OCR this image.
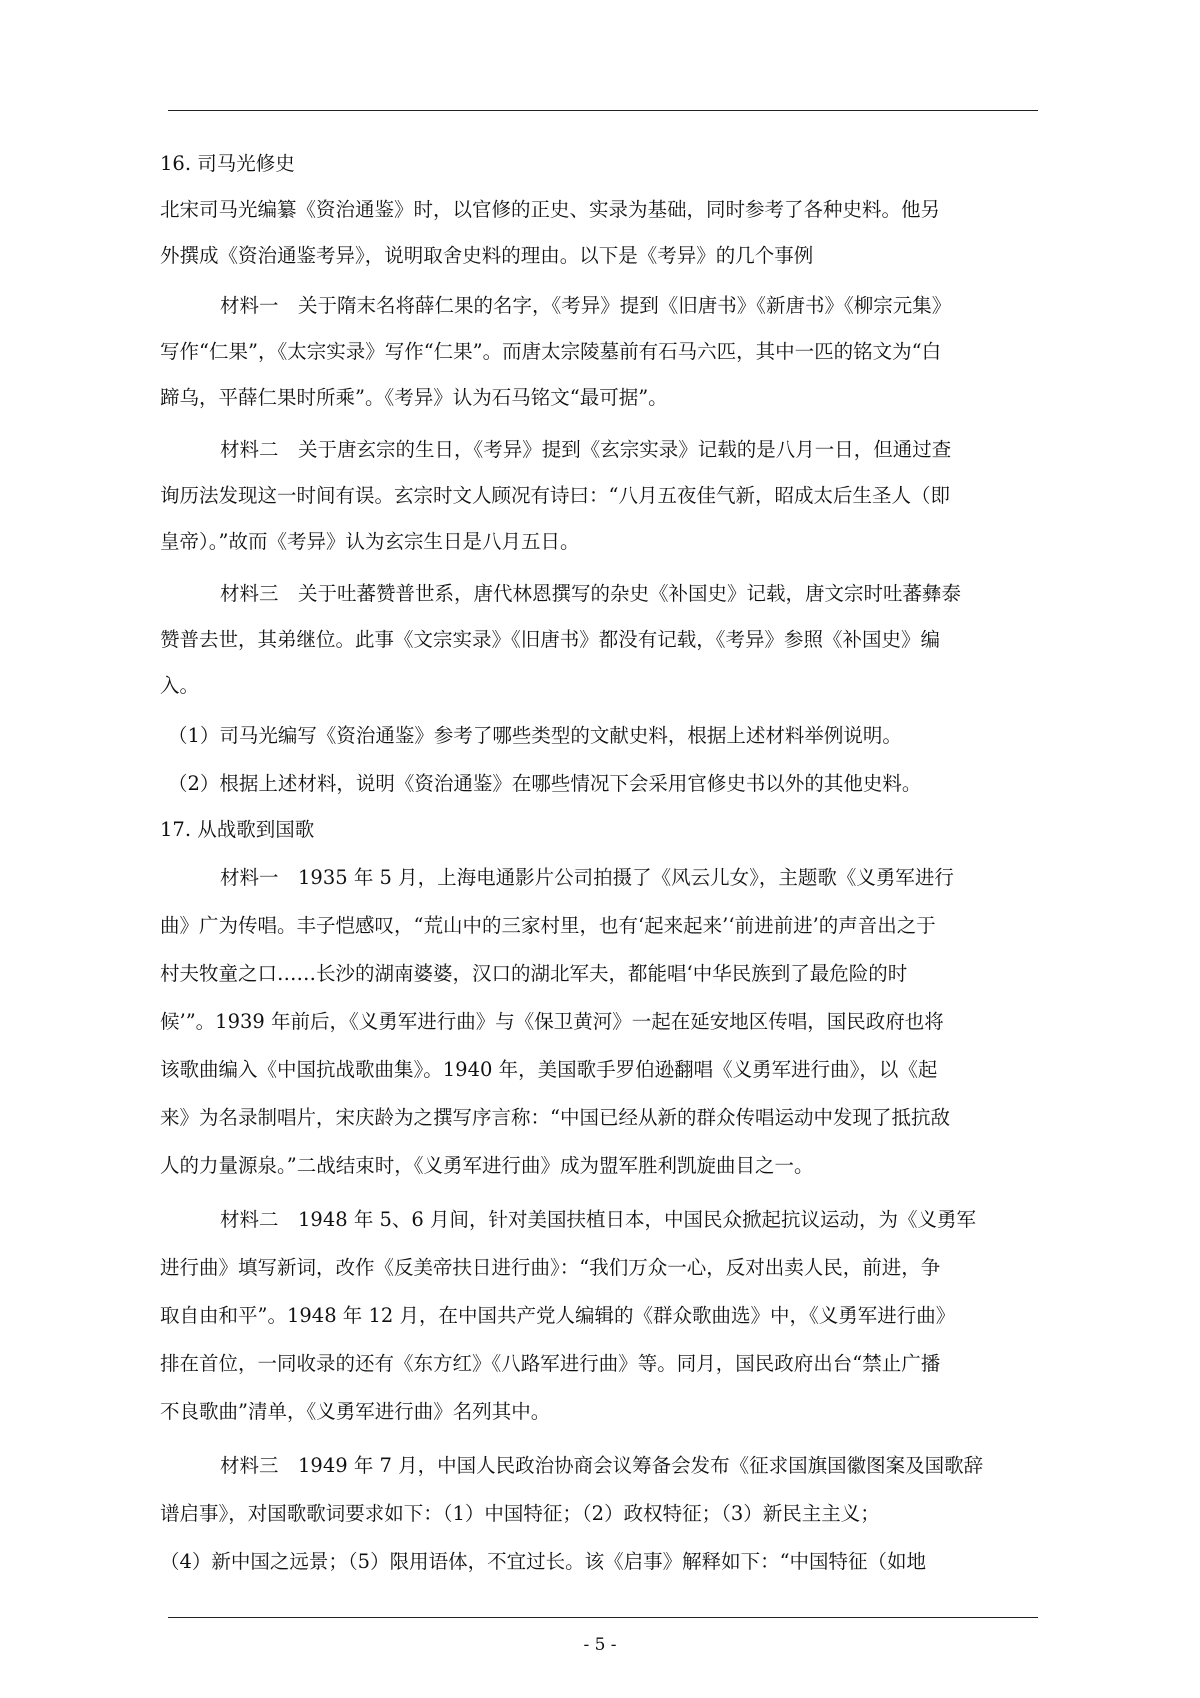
16. 司马光修史
北宋司马光编纂《资治通鉴》时，以官修的正史、实录为基础，同时参考了各种史料。他另
外撰成《资治通鉴考异》，说明取舍史料的理由。以下是《考异》的几个事例
材料一　关于隋末名将薛仁果的名字，《考异》提到《旧唐书》《新唐书》《柳宗元集》
写作“仁果”，《太宗实录》写作“仁果”。而唐太宗陵墓前有石马六匹，其中一匹的铭文为“白
蹄乌，平薛仁果时所乘”。《考异》认为石马铭文“最可据”。
材料二　关于唐玄宗的生日，《考异》提到《玄宗实录》记载的是八月一日，但通过查
询历法发现这一时间有误。玄宗时文人顾况有诗曰：“八月五夜佳气新，昭成太后生圣人（即
皇帝）。”故而《考异》认为玄宗生日是八月五日。
材料三　关于吐蕃赞普世系，唐代林恩撰写的杂史《补国史》记载，唐文宗时吐蕃彝泰
赞普去世，其弟继位。此事《文宗实录》《旧唐书》都没有记载，《考异》参照《补国史》编
入。
（1）司马光编写《资治通鉴》参考了哪些类型的文献史料，根据上述材料举例说明。
（2）根据上述材料，说明《资治通鉴》在哪些情况下会采用官修史书以外的其他史料。
17. 从战歌到国歌
材料一　1935 年 5 月，上海电通影片公司拍摄了《风云儿女》，主题歌《义勇军进行
曲》广为传唱。丰子恺感叹，“荒山中的三家村里，也有‘起来起来’‘前进前进’的声音出之于
村夫牧童之口……长沙的湖南婆婆，汉口的湖北军夫，都能唱‘中华民族到了最危险的时
候’”。1939 年前后，《义勇军进行曲》与《保卫黄河》一起在延安地区传唱，国民政府也将
该歌曲编入《中国抗战歌曲集》。1940 年，美国歌手罗伯逊翻唱《义勇军进行曲》，以《起
来》为名录制唱片，宋庆龄为之撰写序言称：“中国已经从新的群众传唱运动中发现了抵抗敌
人的力量源泉。”二战结束时，《义勇军进行曲》成为盟军胜利凯旋曲目之一。
材料二　1948 年 5、6 月间，针对美国扶植日本，中国民众掀起抗议运动，为《义勇军
进行曲》填写新词，改作《反美帝扶日进行曲》：“我们万众一心，反对出卖人民，前进，争
取自由和平”。1948 年 12 月，在中国共产党人编辑的《群众歌曲选》中，《义勇军进行曲》
排在首位，一同收录的还有《东方红》《八路军进行曲》等。同月，国民政府出台“禁止广播
不良歌曲”清单，《义勇军进行曲》名列其中。
材料三　1949 年 7 月，中国人民政治协商会议筹备会发布《征求国旗国徽图案及国歌辞
谱启事》，对国歌歌词要求如下：（1）中国特征；（2）政权特征；（3）新民主主义；
（4）新中国之远景；（5）限用语体，不宜过长。该《启事》解释如下：“中国特征（如地
- 5 -
